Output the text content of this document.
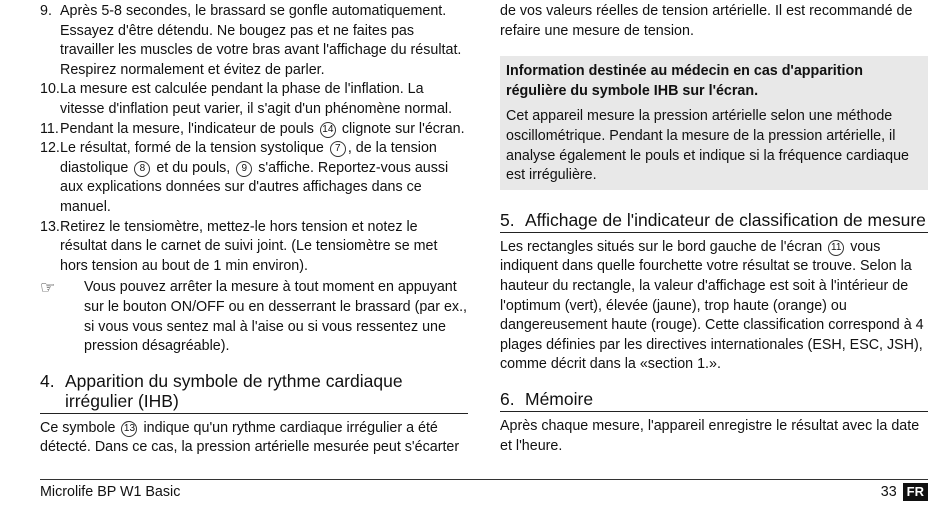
9. Après 5-8 secondes, le brassard se gonfle automatiquement. Essayez d'être détendu. Ne bougez pas et ne faites pas travailler les muscles de votre bras avant l'affichage du résultat. Respirez normalement et évitez de parler.
10. La mesure est calculée pendant la phase de l'inflation. La vitesse d'inflation peut varier, il s'agit d'un phénomène normal.
11. Pendant la mesure, l'indicateur de pouls 14 clignote sur l'écran.
12. Le résultat, formé de la tension systolique 7 , de la tension diastolique 8 et du pouls, 9 s'affiche. Reportez-vous aussi aux explications données sur d'autres affichages dans ce manuel.
13. Retirez le tensiomètre, mettez-le hors tension et notez le résultat dans le carnet de suivi joint. (Le tensiomètre se met hors tension au bout de 1 min environ).
☞	Vous pouvez arrêter la mesure à tout moment en appuyant sur le bouton ON/OFF ou en desserrant le brassard (par ex., si vous vous sentez mal à l'aise ou si vous ressentez une pression désagréable).
4. Apparition du symbole de rythme cardiaque irrégulier (IHB)

Ce symbole 13 indique qu'un rythme cardiaque irrégulier a été détecté. Dans ce cas, la pression artérielle mesurée peut s'écarter

de vos valeurs réelles de tension artérielle. Il est recommandé de refaire une mesure de tension.

Information destinée au médecin en cas d'apparition régulière du symbole IHB sur l'écran.
Cet appareil mesure la pression artérielle selon une méthode oscillométrique. Pendant la mesure de la pression artérielle, il analyse également le pouls et indique si la fréquence cardiaque est irrégulière.
5. Affichage de l'indicateur de classification de mesure

Les rectangles situés sur le bord gauche de l'écran 11 vous indiquent dans quelle fourchette votre résultat se trouve. Selon la hauteur du rectangle, la valeur d'affichage est soit à l'intérieur de l'optimum (vert), élevée (jaune), trop haute (orange) ou dangereusement haute (rouge). Cette classification correspond à 4 plages définies par les directives internationales (ESH, ESC, JSH), comme décrit dans la «section 1.».

6. Mémoire

Après chaque mesure, l'appareil enregistre le résultat avec la date et l'heure.

Microlife BP W1 Basic	33 FR
